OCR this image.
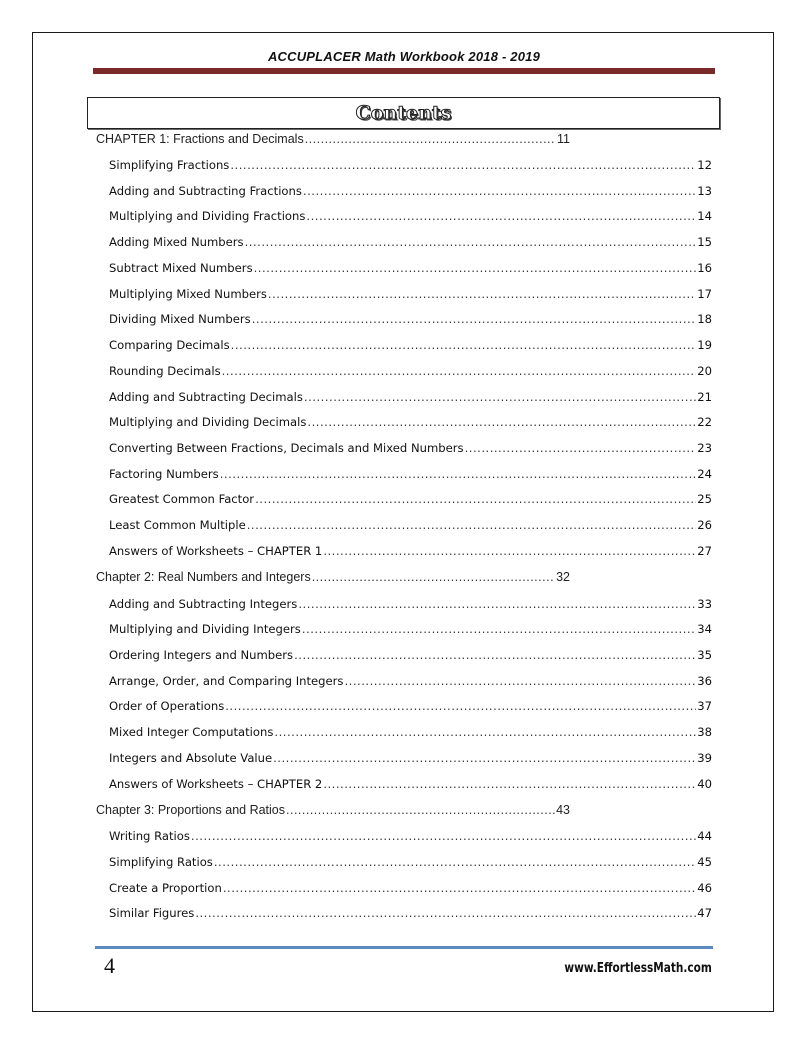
ACCUPLACER Math Workbook 2018 - 2019
Contents
CHAPTER 1: Fractions and Decimals .....	11
Simplifying Fractions .....	12
Adding and Subtracting Fractions .....	13
Multiplying and Dividing Fractions .....	14
Adding Mixed Numbers .....	15
Subtract Mixed Numbers .....	16
Multiplying Mixed Numbers .....	17
Dividing Mixed Numbers .....	18
Comparing Decimals .....	19
Rounding Decimals .....	20
Adding and Subtracting Decimals .....	21
Multiplying and Dividing Decimals .....	22
Converting Between Fractions, Decimals and Mixed Numbers .....	23
Factoring Numbers .....	24
Greatest Common Factor .....	25
Least Common Multiple .....	26
Answers of Worksheets – CHAPTER 1 .....	27
Chapter 2: Real Numbers and Integers .....	32
Adding and Subtracting Integers .....	33
Multiplying and Dividing Integers .....	34
Ordering Integers and Numbers .....	35
Arrange, Order, and Comparing Integers .....	36
Order of Operations .....	37
Mixed Integer Computations .....	38
Integers and Absolute Value .....	39
Answers of Worksheets – CHAPTER 2 .....	40
Chapter 3: Proportions and Ratios .....	43
Writing Ratios .....	44
Simplifying Ratios .....	45
Create a Proportion .....	46
Similar Figures .....	47
4	www.EffortlessMath.com
